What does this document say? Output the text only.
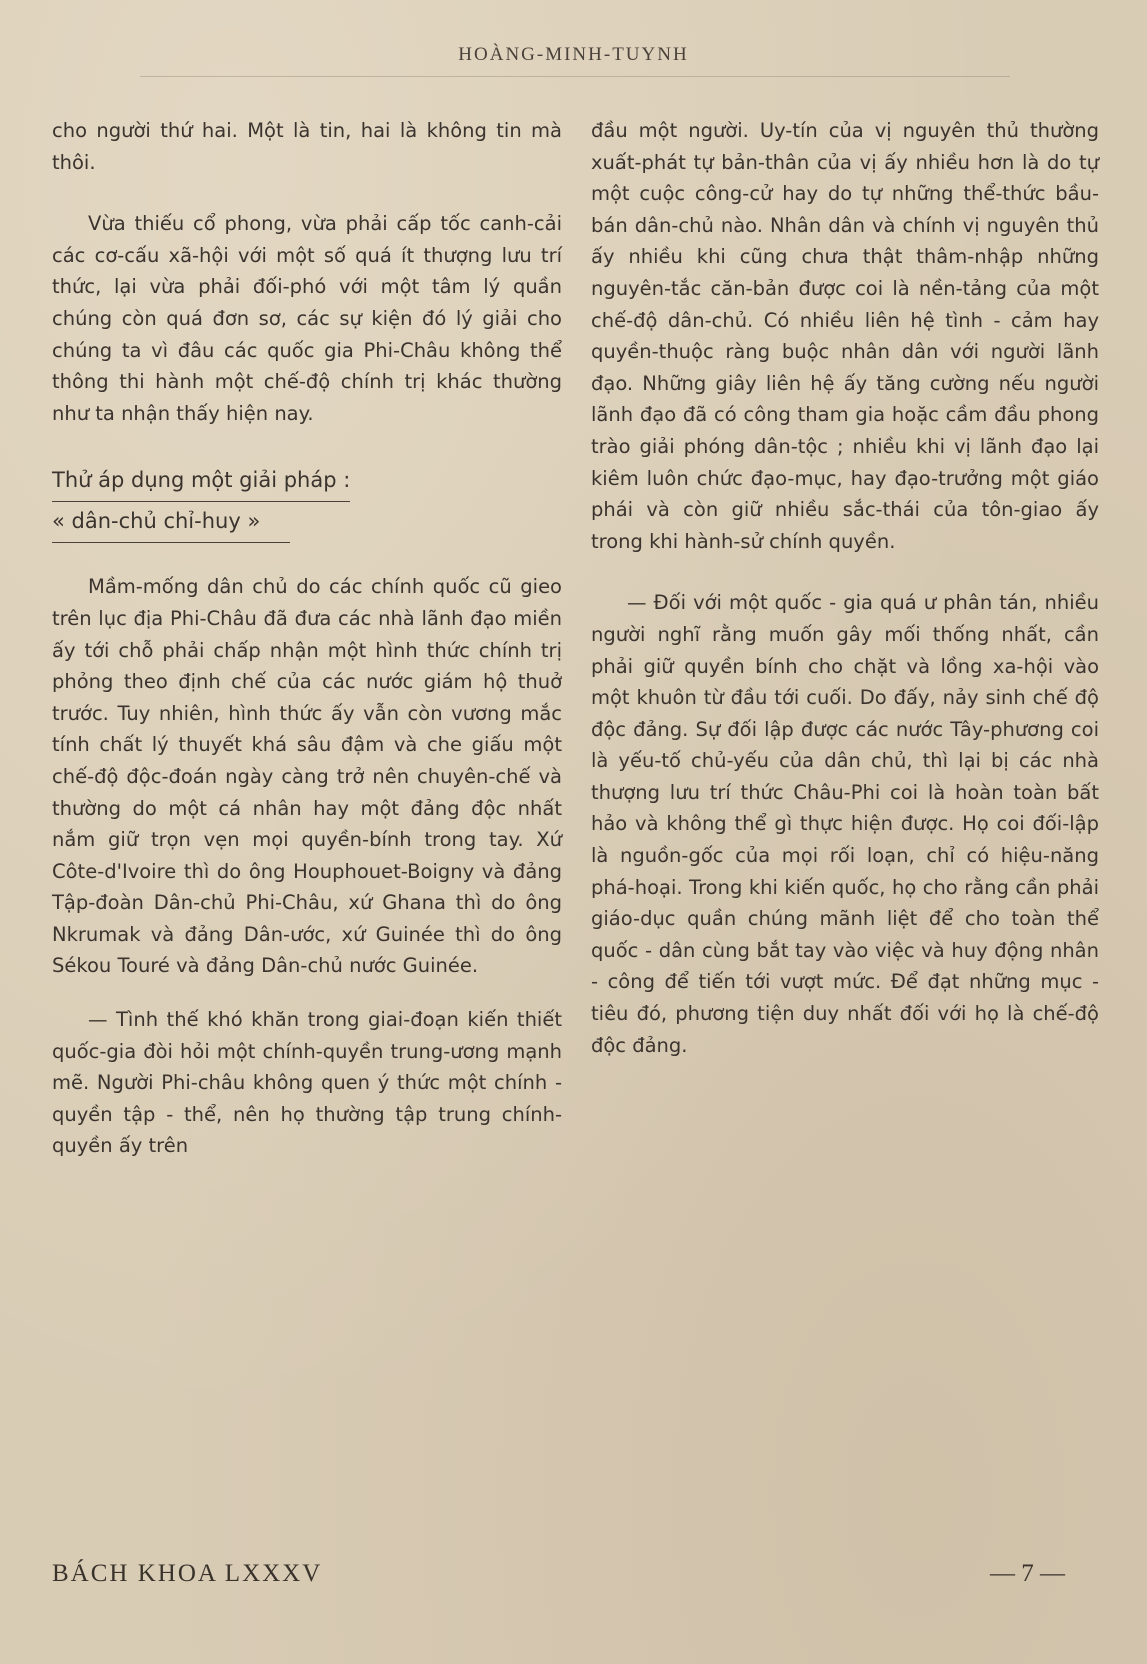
HOÀNG-MINH-TUYNH

cho người thứ hai. Một là tin, hai là không tin mà thôi.

Vừa thiếu cổ phong, vừa phải cấp tốc canh-cải các cơ-cấu xã-hội với một số quá ít thượng lưu trí thức, lại vừa phải đối-phó với một tâm lý quần chúng còn quá đơn sơ, các sự kiện đó lý giải cho chúng ta vì đâu các quốc gia Phi-Châu không thể thông thi hành một chế-độ chính trị khác thường như ta nhận thấy hiện nay.

Thử áp dụng một giải pháp :
« dân-chủ chỉ-huy »

Mầm-mống dân chủ do các chính quốc cũ gieo trên lục địa Phi-Châu đã đưa các nhà lãnh đạo miền ấy tới chỗ phải chấp nhận một hình thức chính trị phỏng theo định chế của các nước giám hộ thuở trước. Tuy nhiên, hình thức ấy vẫn còn vương mắc tính chất lý thuyết khá sâu đậm và che giấu một chế-độ độc-đoán ngày càng trở nên chuyên-chế và thường do một cá nhân hay một đảng độc nhất nắm giữ trọn vẹn mọi quyền-bính trong tay. Xứ Côte-d'Ivoire thì do ông Houphouet-Boigny và đảng Tập-đoàn Dân-chủ Phi-Châu, xứ Ghana thì do ông Nkrumak và đảng Dân-ước, xứ Guinée thì do ông Sékou Touré và đảng Dân-chủ nước Guinée.

— Tình thế khó khăn trong giai-đoạn kiến thiết quốc-gia đòi hỏi một chính-quyền trung-ương mạnh mẽ. Người Phi-châu không quen ý thức một chính - quyền tập - thể, nên họ thường tập trung chính-quyền ấy trên

đầu một người. Uy-tín của vị nguyên thủ thường xuất-phát tự bản-thân của vị ấy nhiều hơn là do tự một cuộc công-cử hay do tự những thể-thức bầu-bán dân-chủ nào. Nhân dân và chính vị nguyên thủ ấy nhiều khi cũng chưa thật thâm-nhập những nguyên-tắc căn-bản được coi là nền-tảng của một chế-độ dân-chủ. Có nhiều liên hệ tình - cảm hay quyền-thuộc ràng buộc nhân dân với người lãnh đạo. Những giây liên hệ ấy tăng cường nếu người lãnh đạo đã có công tham gia hoặc cầm đầu phong trào giải phóng dân-tộc ; nhiều khi vị lãnh đạo lại kiêm luôn chức đạo-mục, hay đạo-trưởng một giáo phái và còn giữ nhiều sắc-thái của tôn-giao ấy trong khi hành-sử chính quyền.

— Đối với một quốc - gia quá ư phân tán, nhiều người nghĩ rằng muốn gây mối thống nhất, cần phải giữ quyền bính cho chặt và lồng xa-hội vào một khuôn từ đầu tới cuối. Do đấy, nảy sinh chế độ độc đảng. Sự đối lập được các nước Tây-phương coi là yếu-tố chủ-yếu của dân chủ, thì lại bị các nhà thượng lưu trí thức Châu-Phi coi là hoàn toàn bất hảo và không thể gì thực hiện được. Họ coi đối-lập là nguồn-gốc của mọi rối loạn, chỉ có hiệu-năng phá-hoại. Trong khi kiến quốc, họ cho rằng cần phải giáo-dục quần chúng mãnh liệt để cho toàn thể quốc - dân cùng bắt tay vào việc và huy động nhân - công để tiến tới vượt mức. Để đạt những mục - tiêu đó, phương tiện duy nhất đối với họ là chế-độ độc đảng.

BÁCH KHOA LXXXV	— 7 —
